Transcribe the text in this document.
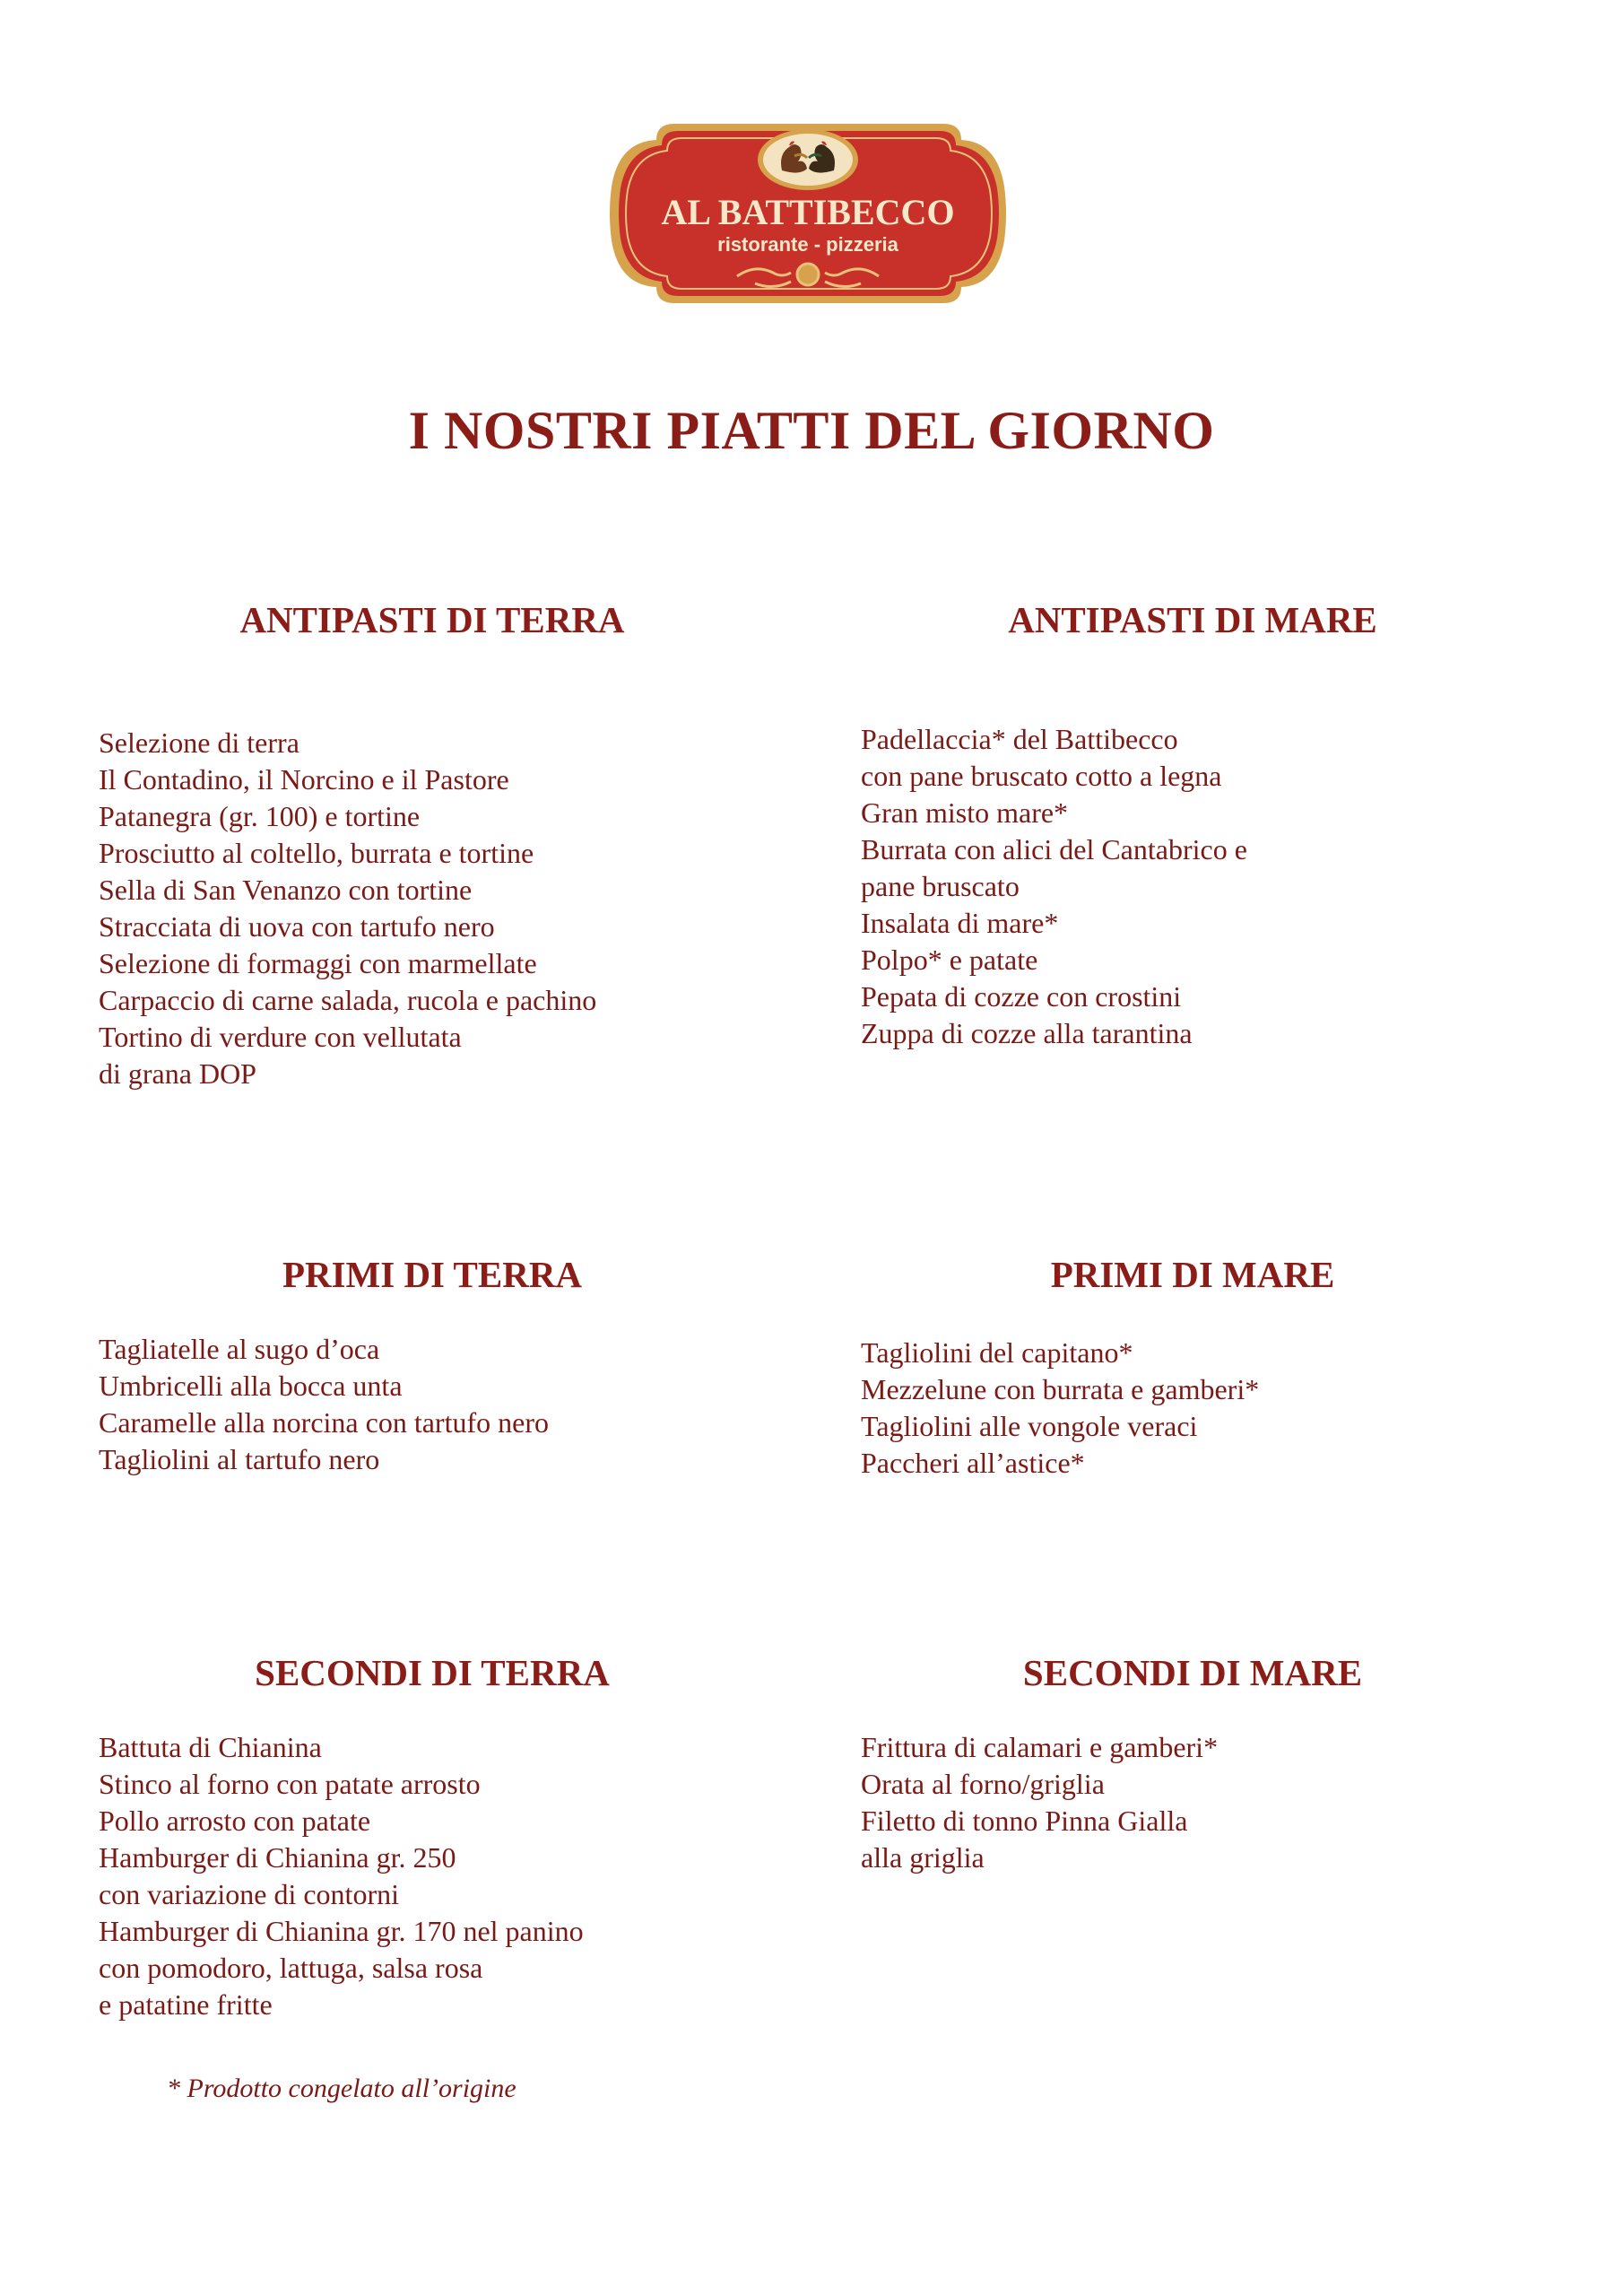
AL BATTIBECCO
ristorante - pizzeria
I NOSTRI PIATTI DEL GIORNO
ANTIPASTI DI TERRA
Selezione di terra
Il Contadino, il Norcino e il Pastore
Patanegra (gr. 100) e tortine
Prosciutto al coltello, burrata e tortine
Sella di San Venanzo con tortine
Stracciata di uova con tartufo nero
Selezione di formaggi con marmellate
Carpaccio di carne salada, rucola e pachino
Tortino di verdure con vellutata
di grana DOP
ANTIPASTI DI MARE
Padellaccia* del Battibecco
con pane bruscato cotto a legna
Gran misto mare*
Burrata con alici del Cantabrico e
pane bruscato
Insalata di mare*
Polpo* e patate
Pepata di cozze con crostini
Zuppa di cozze alla tarantina
PRIMI DI TERRA
Tagliatelle al sugo d’oca
Umbricelli alla bocca unta
Caramelle alla norcina con tartufo nero
Tagliolini al tartufo nero
PRIMI DI MARE
Tagliolini del capitano*
Mezzelune con burrata e gamberi*
Tagliolini alle vongole veraci
Paccheri all’astice*
SECONDI DI TERRA
Battuta di Chianina
Stinco al forno con patate arrosto
Pollo arrosto con patate
Hamburger di Chianina gr. 250
con variazione di contorni
Hamburger di Chianina gr. 170 nel panino
con pomodoro, lattuga, salsa rosa
e patatine fritte
SECONDI DI MARE
Frittura di calamari e gamberi*
Orata al forno/griglia
Filetto di tonno Pinna Gialla
alla griglia

* Prodotto congelato all’origine
